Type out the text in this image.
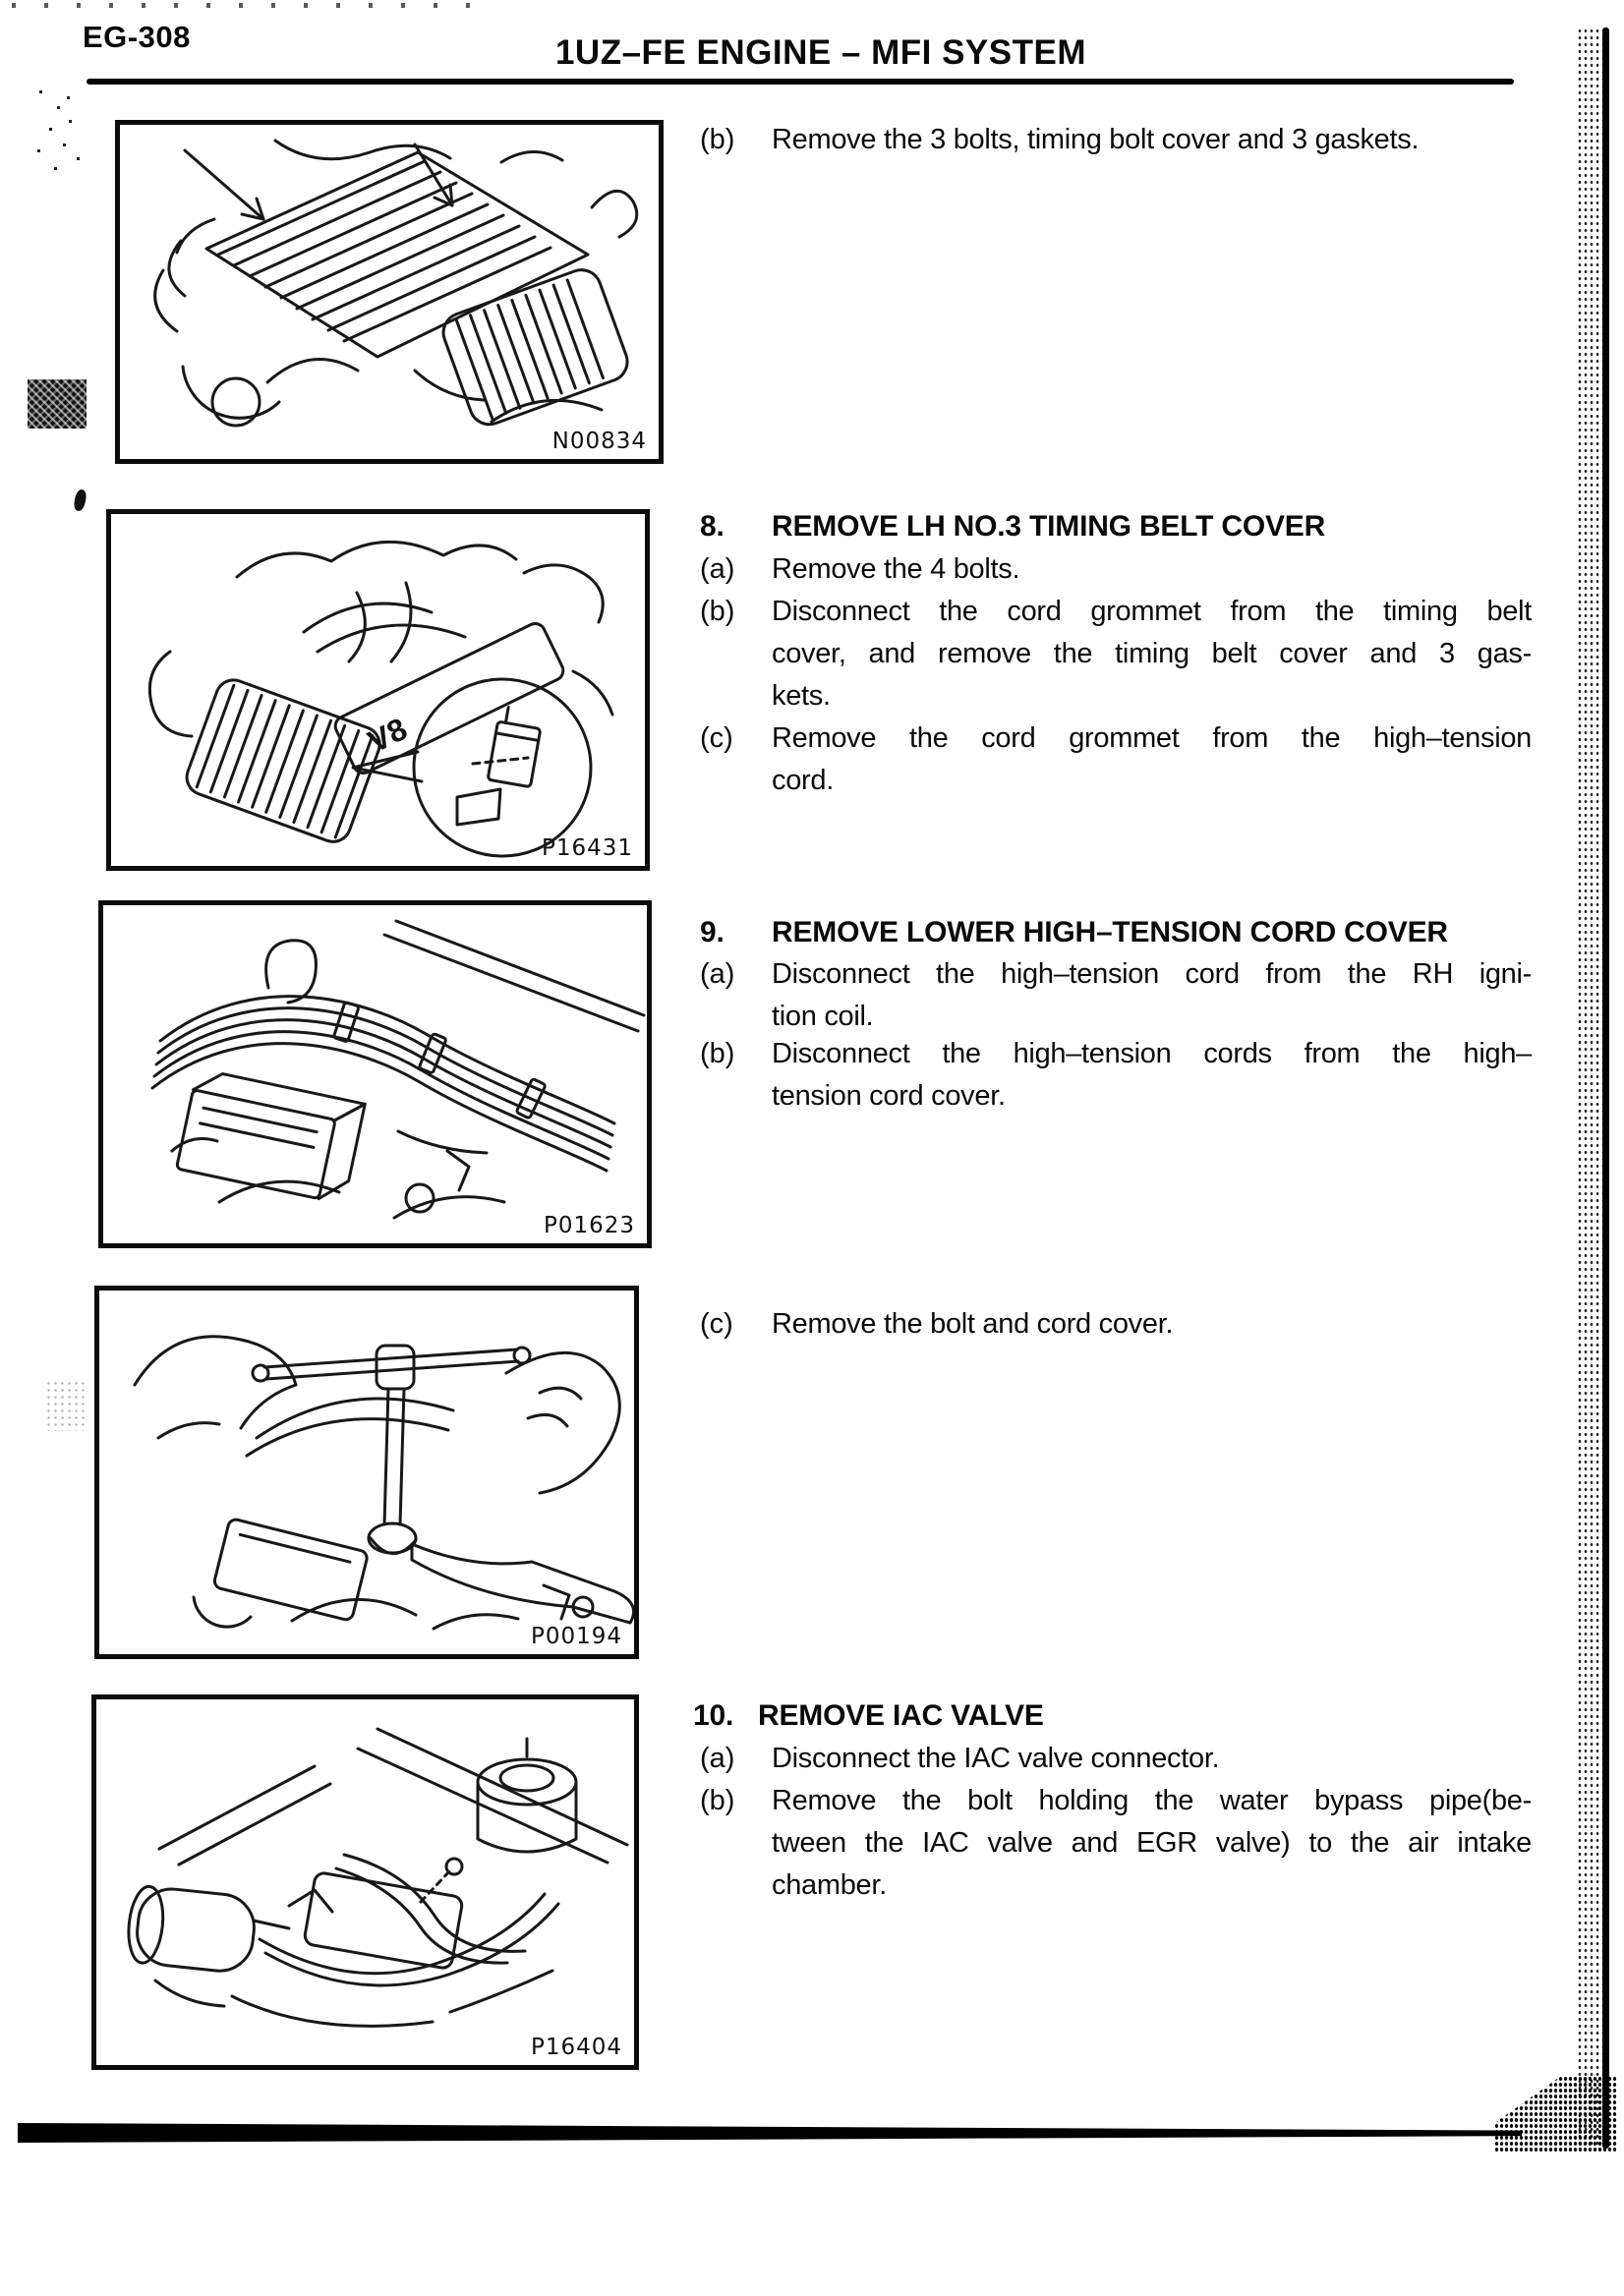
EG-308	1UZ–FE ENGINE – MFI SYSTEM
N00834
V8
P16431
P01623
P00194
P16404
(b)	Remove the 3 bolts, timing bolt cover and 3 gaskets.
8.	REMOVE LH NO.3 TIMING BELT COVER
(a)	Remove the 4 bolts.
(b)	Disconnect the cord grommet from the timing belt
cover, and remove the timing belt cover and 3 gas-
kets.
(c)	Remove the cord grommet from the high–tension
cord.
9.	REMOVE LOWER HIGH–TENSION CORD COVER
(a)	Disconnect the high–tension cord from the RH igni-
tion coil.
(b)	Disconnect the high–tension cords from the high–
tension cord cover.
(c)	Remove the bolt and cord cover.
10. REMOVE IAC VALVE
(a)	Disconnect the IAC valve connector.
(b)	Remove the bolt holding the water bypass pipe(be-
tween the IAC valve and EGR valve) to the air intake
chamber.
